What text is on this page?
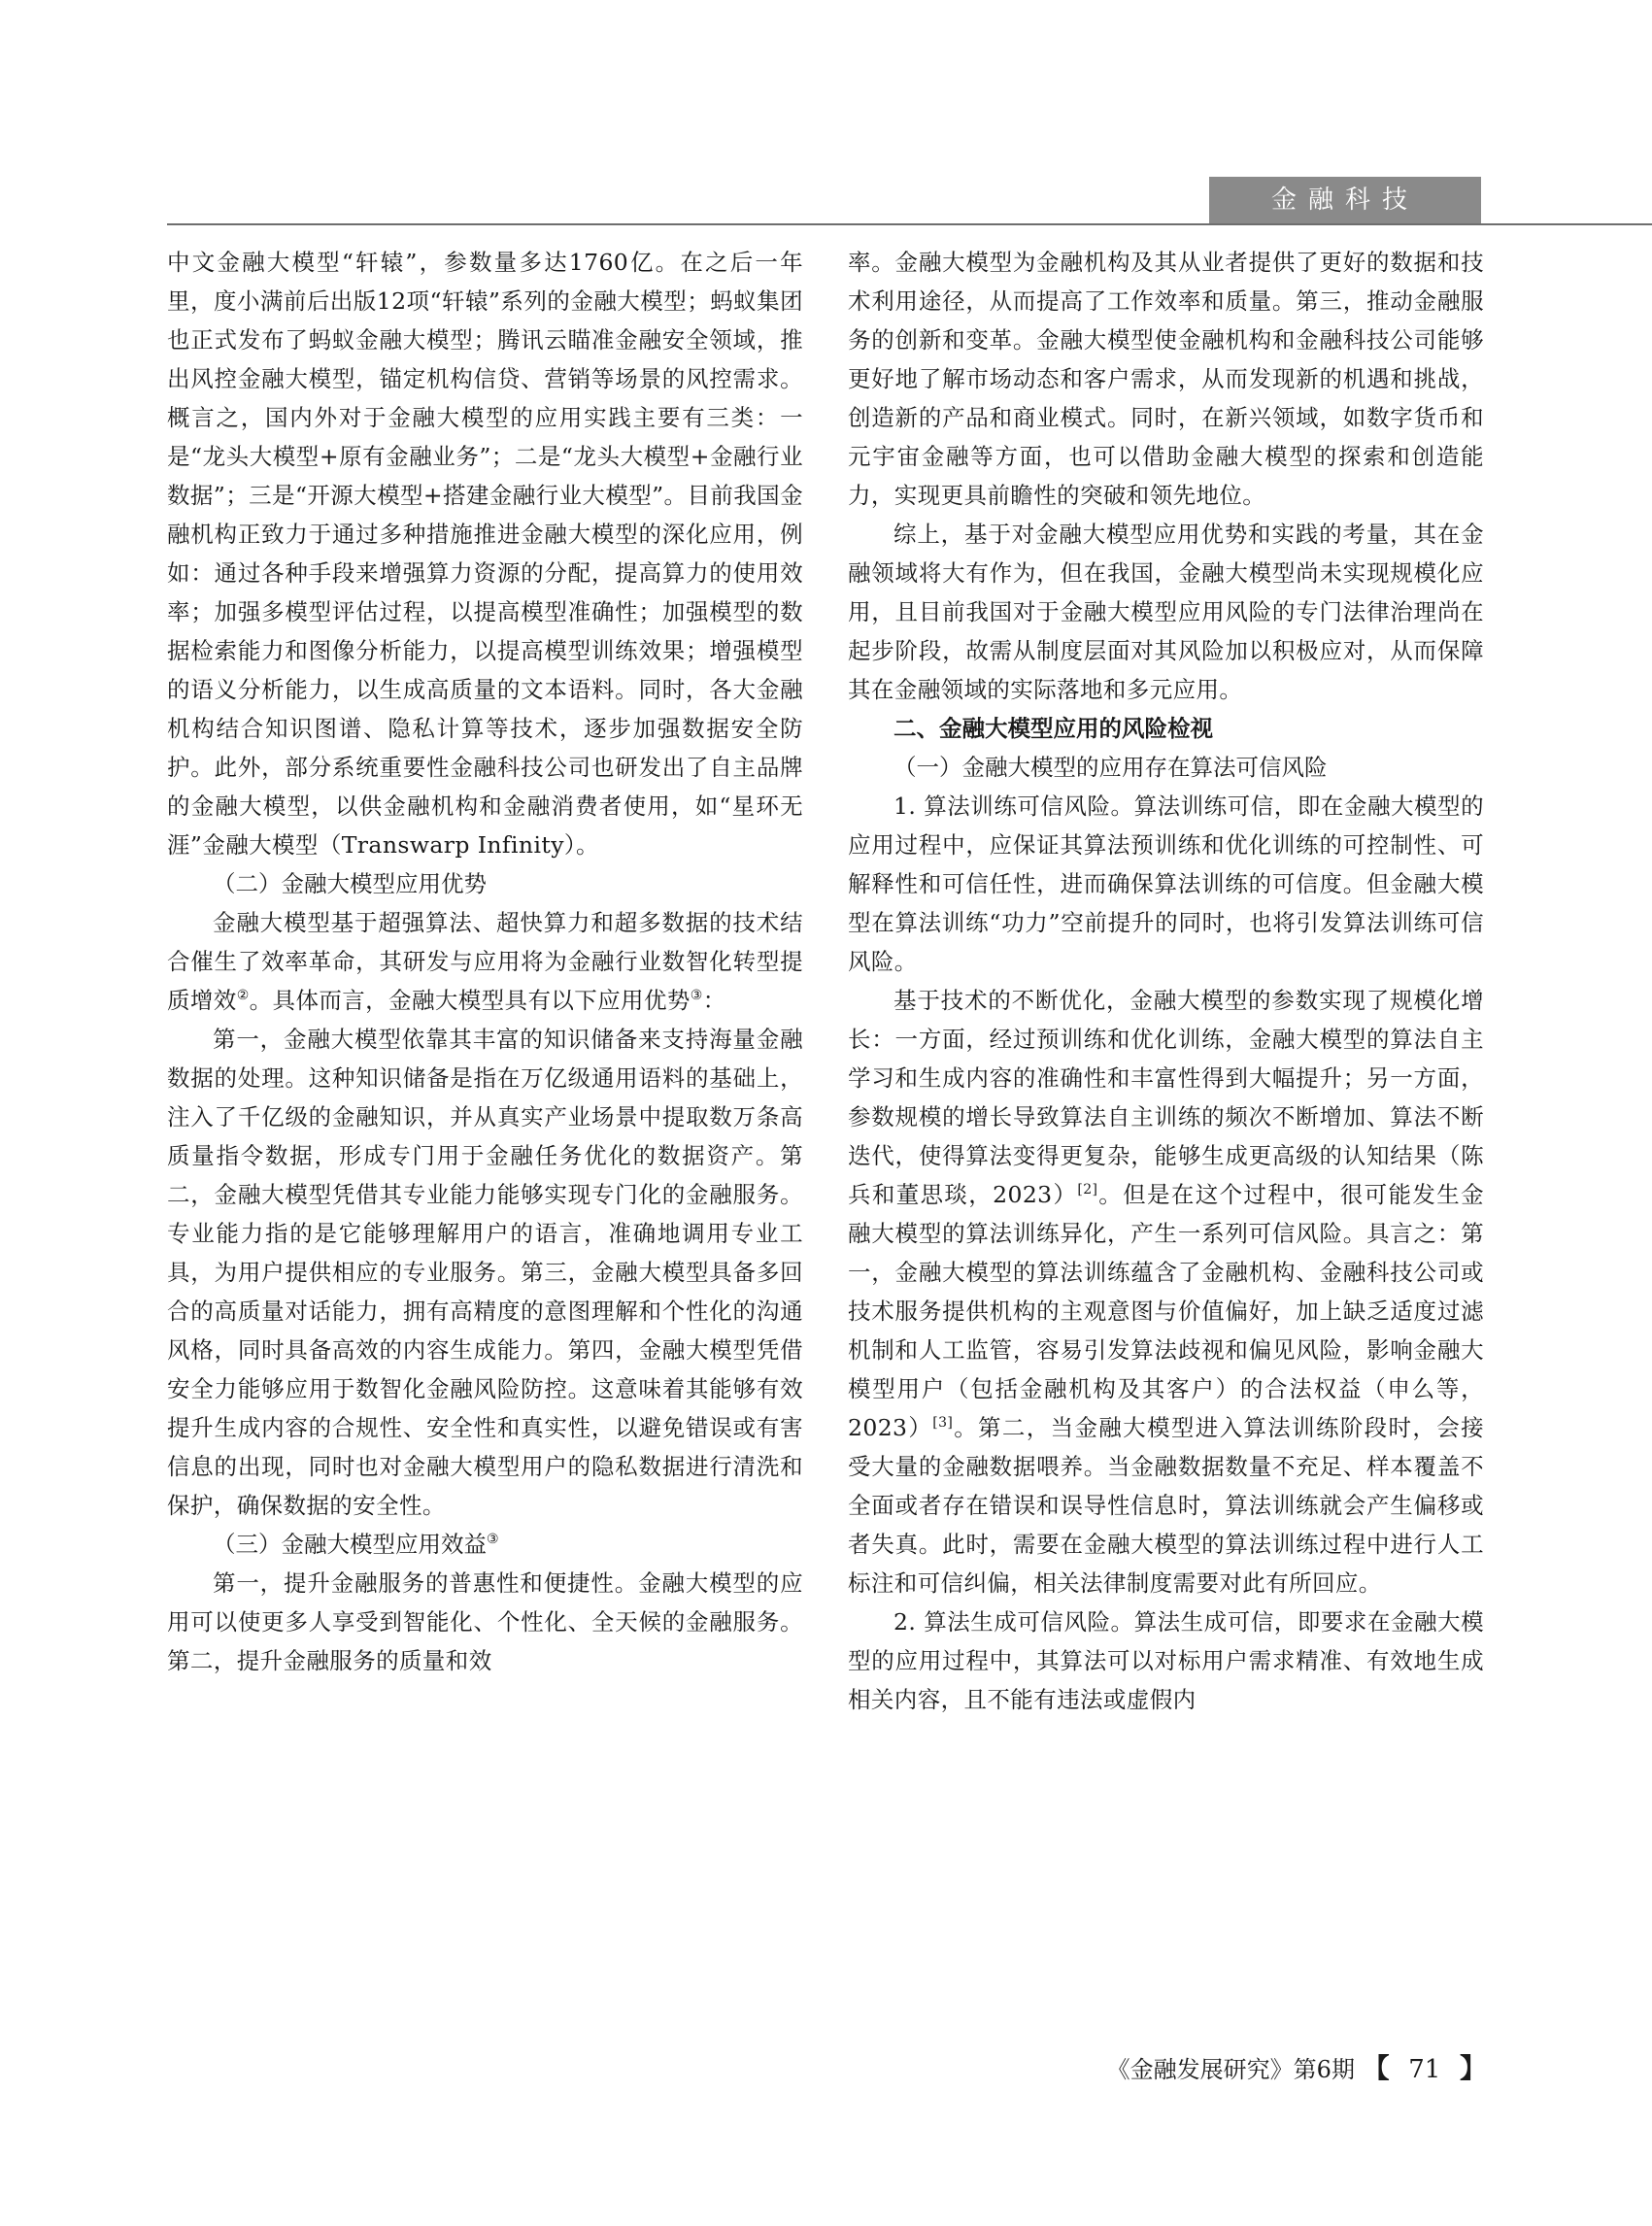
金融科技

中文金融大模型“轩辕”，参数量多达1760亿。在之后一年里，度小满前后出版12项“轩辕”系列的金融大模型；蚂蚁集团也正式发布了蚂蚁金融大模型；腾讯云瞄准金融安全领域，推出风控金融大模型，锚定机构信贷、营销等场景的风控需求。概言之，国内外对于金融大模型的应用实践主要有三类：一是“龙头大模型+原有金融业务”；二是“龙头大模型+金融行业数据”；三是“开源大模型+搭建金融行业大模型”。目前我国金融机构正致力于通过多种措施推进金融大模型的深化应用，例如：通过各种手段来增强算力资源的分配，提高算力的使用效率；加强多模型评估过程，以提高模型准确性；加强模型的数据检索能力和图像分析能力，以提高模型训练效果；增强模型的语义分析能力，以生成高质量的文本语料。同时，各大金融机构结合知识图谱、隐私计算等技术，逐步加强数据安全防护。此外，部分系统重要性金融科技公司也研发出了自主品牌的金融大模型，以供金融机构和金融消费者使用，如“星环无涯”金融大模型（Transwarp Infinity）。

（二）金融大模型应用优势

金融大模型基于超强算法、超快算力和超多数据的技术结合催生了效率革命，其研发与应用将为金融行业数智化转型提质增效②。具体而言，金融大模型具有以下应用优势③：

第一，金融大模型依靠其丰富的知识储备来支持海量金融数据的处理。这种知识储备是指在万亿级通用语料的基础上，注入了千亿级的金融知识，并从真实产业场景中提取数万条高质量指令数据，形成专门用于金融任务优化的数据资产。第二，金融大模型凭借其专业能力能够实现专门化的金融服务。专业能力指的是它能够理解用户的语言，准确地调用专业工具，为用户提供相应的专业服务。第三，金融大模型具备多回合的高质量对话能力，拥有高精度的意图理解和个性化的沟通风格，同时具备高效的内容生成能力。第四，金融大模型凭借安全力能够应用于数智化金融风险防控。这意味着其能够有效提升生成内容的合规性、安全性和真实性，以避免错误或有害信息的出现，同时也对金融大模型用户的隐私数据进行清洗和保护，确保数据的安全性。

（三）金融大模型应用效益③

第一，提升金融服务的普惠性和便捷性。金融大模型的应用可以使更多人享受到智能化、个性化、全天候的金融服务。第二，提升金融服务的质量和效

率。金融大模型为金融机构及其从业者提供了更好的数据和技术利用途径，从而提高了工作效率和质量。第三，推动金融服务的创新和变革。金融大模型使金融机构和金融科技公司能够更好地了解市场动态和客户需求，从而发现新的机遇和挑战，创造新的产品和商业模式。同时，在新兴领域，如数字货币和元宇宙金融等方面，也可以借助金融大模型的探索和创造能力，实现更具前瞻性的突破和领先地位。

综上，基于对金融大模型应用优势和实践的考量，其在金融领域将大有作为，但在我国，金融大模型尚未实现规模化应用，且目前我国对于金融大模型应用风险的专门法律治理尚在起步阶段，故需从制度层面对其风险加以积极应对，从而保障其在金融领域的实际落地和多元应用。

二、金融大模型应用的风险检视

（一）金融大模型的应用存在算法可信风险

1. 算法训练可信风险。算法训练可信，即在金融大模型的应用过程中，应保证其算法预训练和优化训练的可控制性、可解释性和可信任性，进而确保算法训练的可信度。但金融大模型在算法训练“功力”空前提升的同时，也将引发算法训练可信风险。

基于技术的不断优化，金融大模型的参数实现了规模化增长：一方面，经过预训练和优化训练，金融大模型的算法自主学习和生成内容的准确性和丰富性得到大幅提升；另一方面，参数规模的增长导致算法自主训练的频次不断增加、算法不断迭代，使得算法变得更复杂，能够生成更高级的认知结果（陈兵和董思琰，2023）[2]。但是在这个过程中，很可能发生金融大模型的算法训练异化，产生一系列可信风险。具言之：第一，金融大模型的算法训练蕴含了金融机构、金融科技公司或技术服务提供机构的主观意图与价值偏好，加上缺乏适度过滤机制和人工监管，容易引发算法歧视和偏见风险，影响金融大模型用户（包括金融机构及其客户）的合法权益（申么等，2023）[3]。第二，当金融大模型进入算法训练阶段时，会接受大量的金融数据喂养。当金融数据数量不充足、样本覆盖不全面或者存在错误和误导性信息时，算法训练就会产生偏移或者失真。此时，需要在金融大模型的算法训练过程中进行人工标注和可信纠偏，相关法律制度需要对此有所回应。

2. 算法生成可信风险。算法生成可信，即要求在金融大模型的应用过程中，其算法可以对标用户需求精准、有效地生成相关内容，且不能有违法或虚假内

《金融发展研究》第6期 【 71 】
